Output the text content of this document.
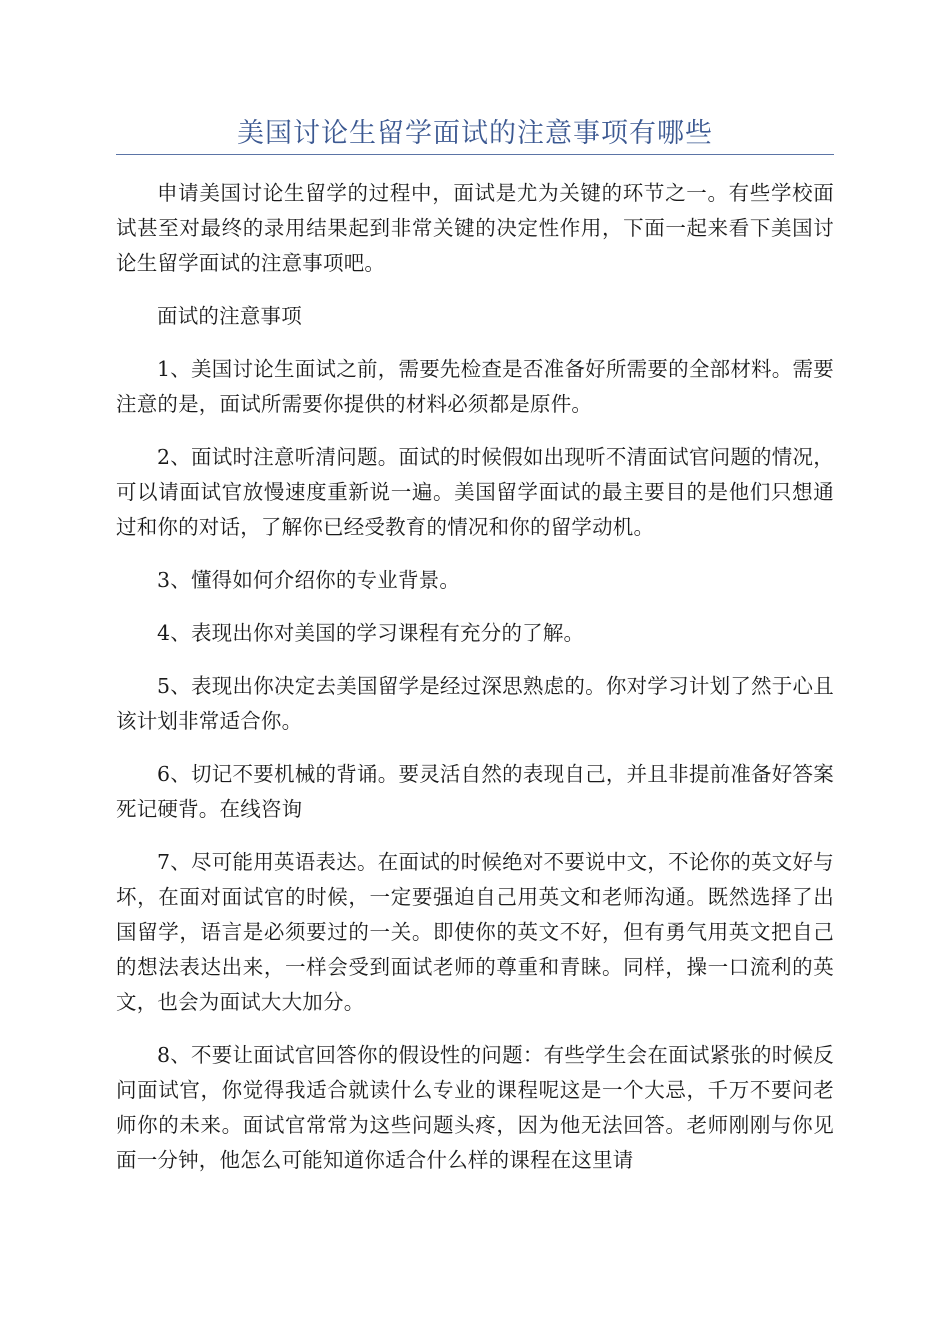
美国讨论生留学面试的注意事项有哪些

申请美国讨论生留学的过程中，面试是尤为关键的环节之一。有些学校面试甚至对最终的录用结果起到非常关键的决定性作用，下面一起来看下美国讨论生留学面试的注意事项吧。

面试的注意事项

1、美国讨论生面试之前，需要先检查是否准备好所需要的全部材料。需要注意的是，面试所需要你提供的材料必须都是原件。

2、面试时注意听清问题。面试的时候假如出现听不清面试官问题的情况，可以请面试官放慢速度重新说一遍。美国留学面试的最主要目的是他们只想通过和你的对话，了解你已经受教育的情况和你的留学动机。

3、懂得如何介绍你的专业背景。

4、表现出你对美国的学习课程有充分的了解。

5、表现出你决定去美国留学是经过深思熟虑的。你对学习计划了然于心且该计划非常适合你。

6、切记不要机械的背诵。要灵活自然的表现自己，并且非提前准备好答案死记硬背。在线咨询

7、尽可能用英语表达。在面试的时候绝对不要说中文，不论你的英文好与坏，在面对面试官的时候，一定要强迫自己用英文和老师沟通。既然选择了出国留学，语言是必须要过的一关。即使你的英文不好，但有勇气用英文把自己的想法表达出来，一样会受到面试老师的尊重和青睐。同样，操一口流利的英文，也会为面试大大加分。

8、不要让面试官回答你的假设性的问题：有些学生会在面试紧张的时候反问面试官，你觉得我适合就读什么专业的课程呢这是一个大忌，千万不要问老师你的未来。面试官常常为这些问题头疼，因为他无法回答。老师刚刚与你见面一分钟，他怎么可能知道你适合什么样的课程在这里请
